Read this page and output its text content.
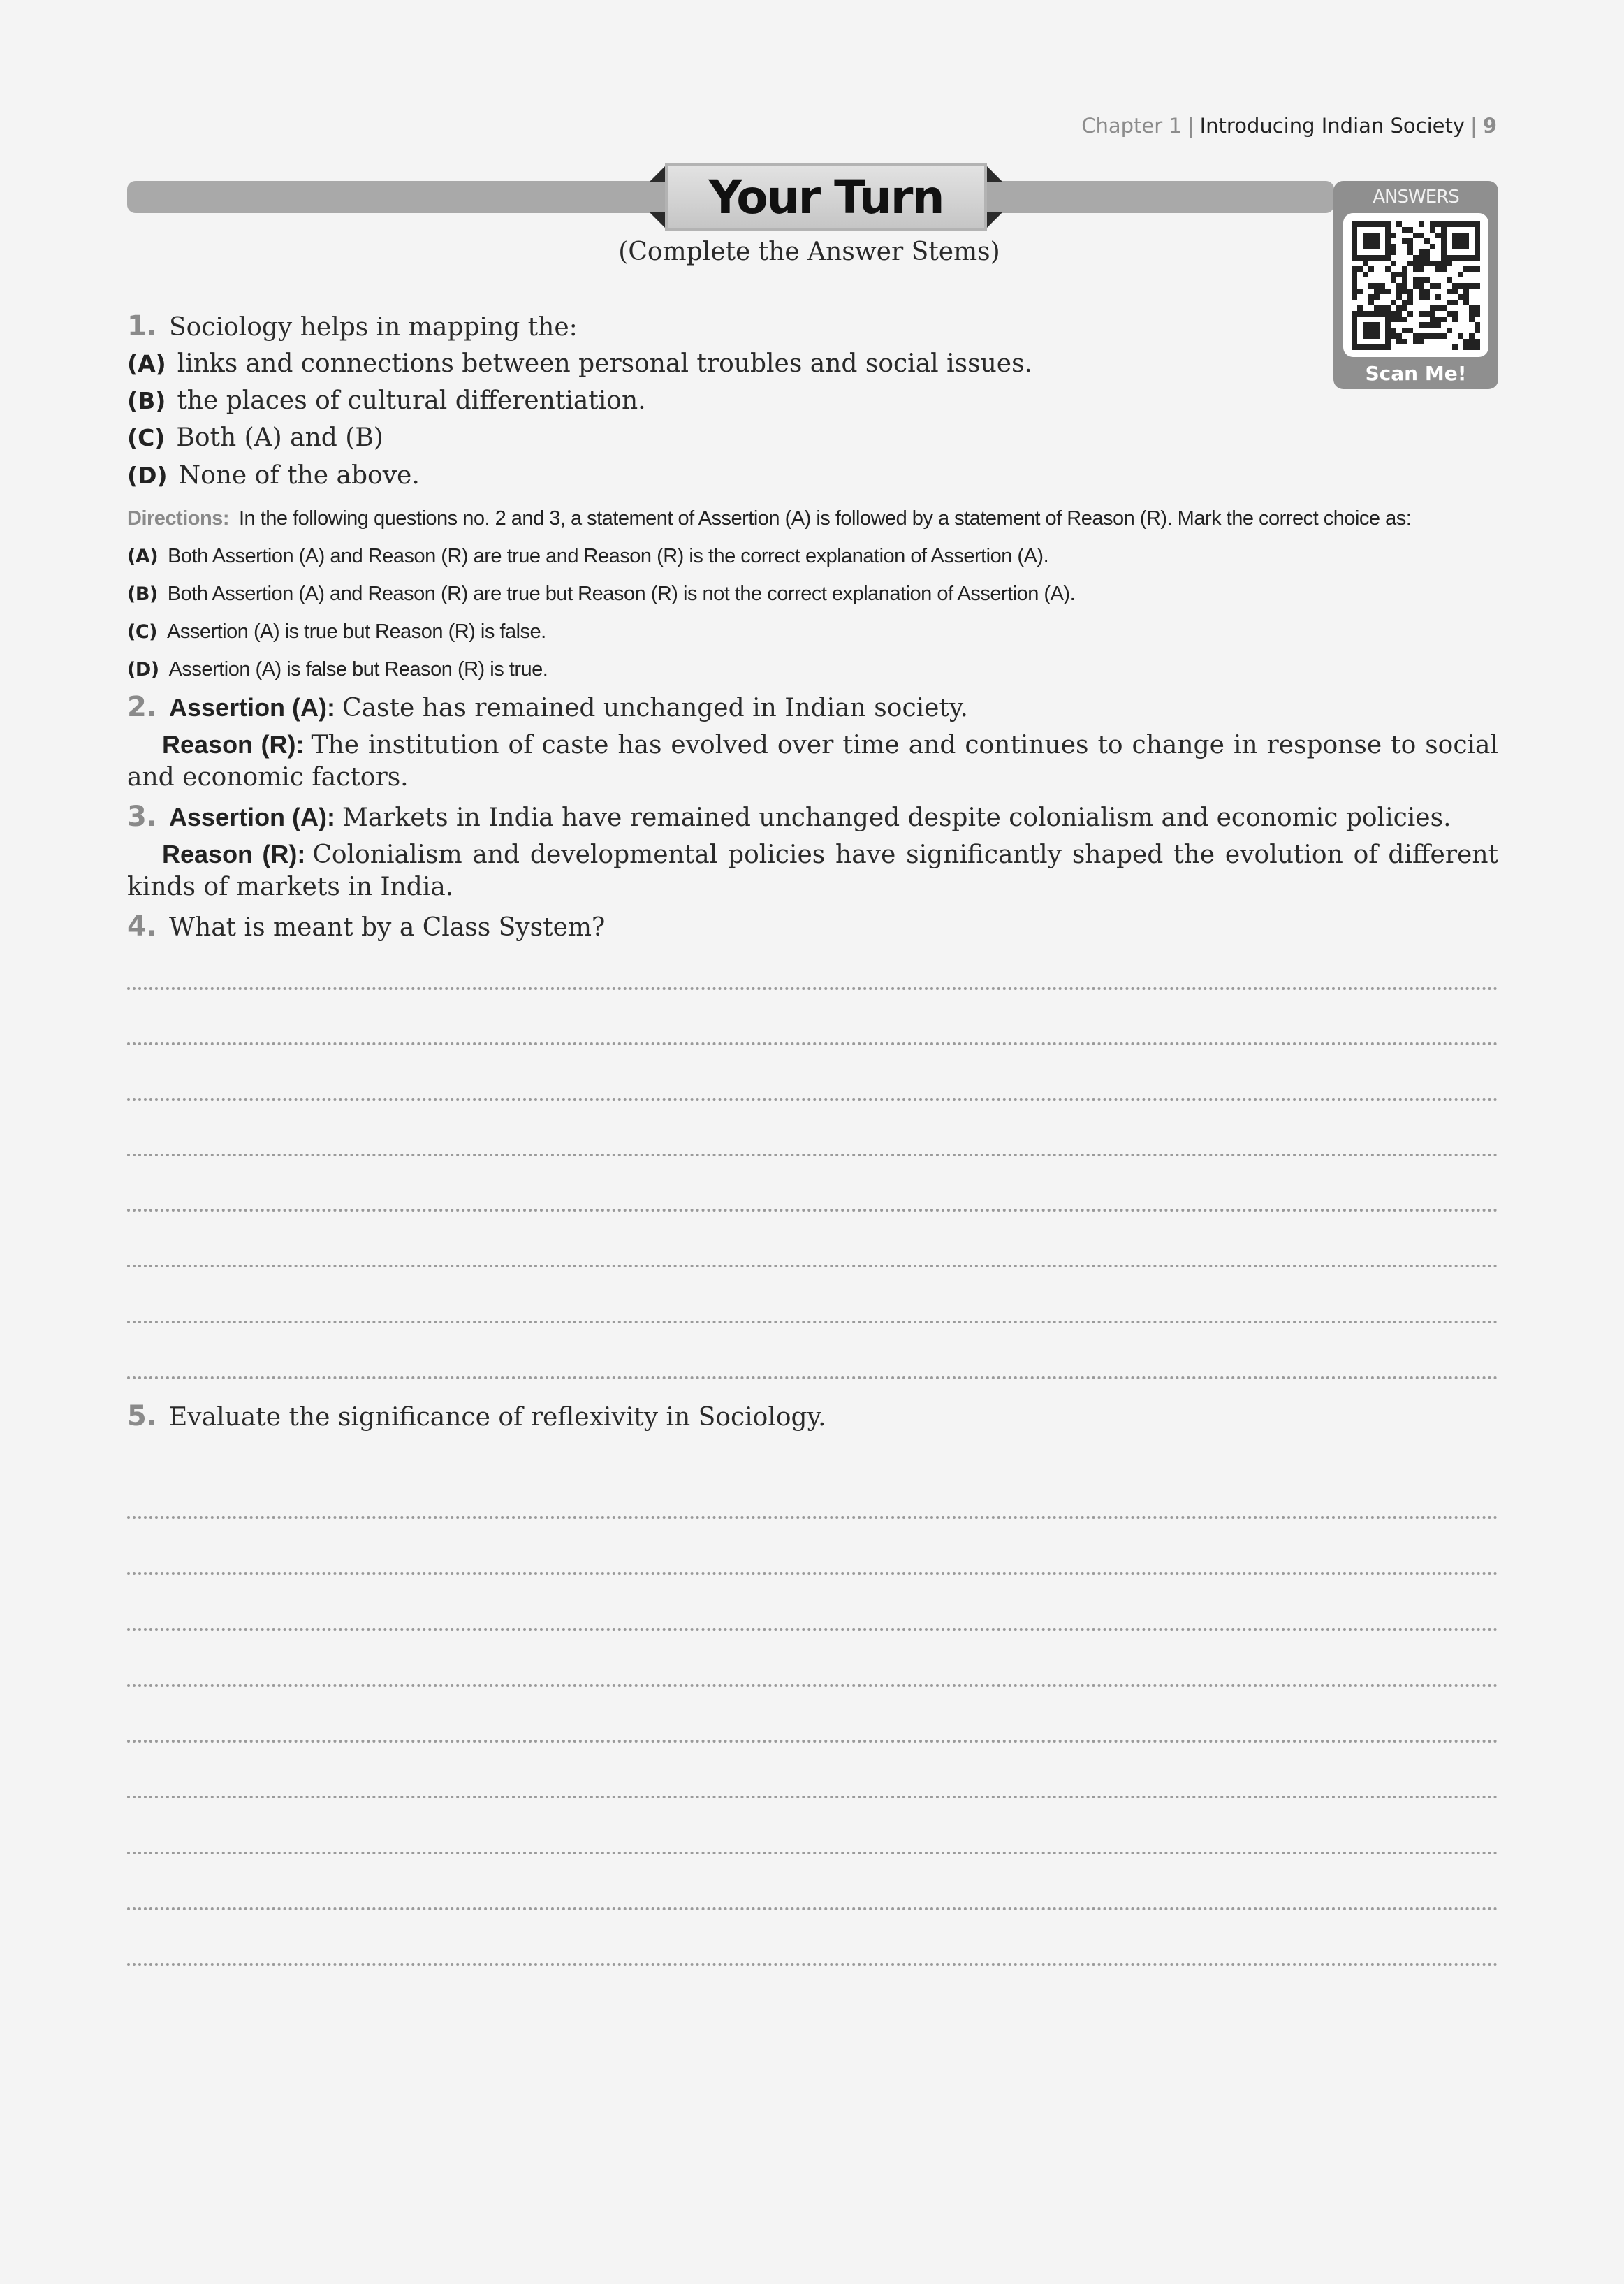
Chapter 1 | Introducing Indian Society | 9
Your Turn
(Complete the Answer Stems)
ANSWERS
Scan Me!
1. Sociology helps in mapping the:
(A) links and connections between personal troubles and social issues.
(B) the places of cultural differentiation.
(C) Both (A) and (B)
(D) None of the above.
Directions: In the following questions no. 2 and 3, a statement of Assertion (A) is followed by a statement of Reason (R). Mark the correct choice as:
(A) Both Assertion (A) and Reason (R) are true and Reason (R) is the correct explanation of Assertion (A).
(B) Both Assertion (A) and Reason (R) are true but Reason (R) is not the correct explanation of Assertion (A).
(C) Assertion (A) is true but Reason (R) is false.
(D) Assertion (A) is false but Reason (R) is true.
2. Assertion (A): Caste has remained unchanged in Indian society.
Reason (R): The institution of caste has evolved over time and continues to change in response to social and economic factors.
3. Assertion (A): Markets in India have remained unchanged despite colonialism and economic policies.
Reason (R): Colonialism and developmental policies have significantly shaped the evolution of different kinds of markets in India.
4. What is meant by a Class System?
5. Evaluate the significance of reflexivity in Sociology.
